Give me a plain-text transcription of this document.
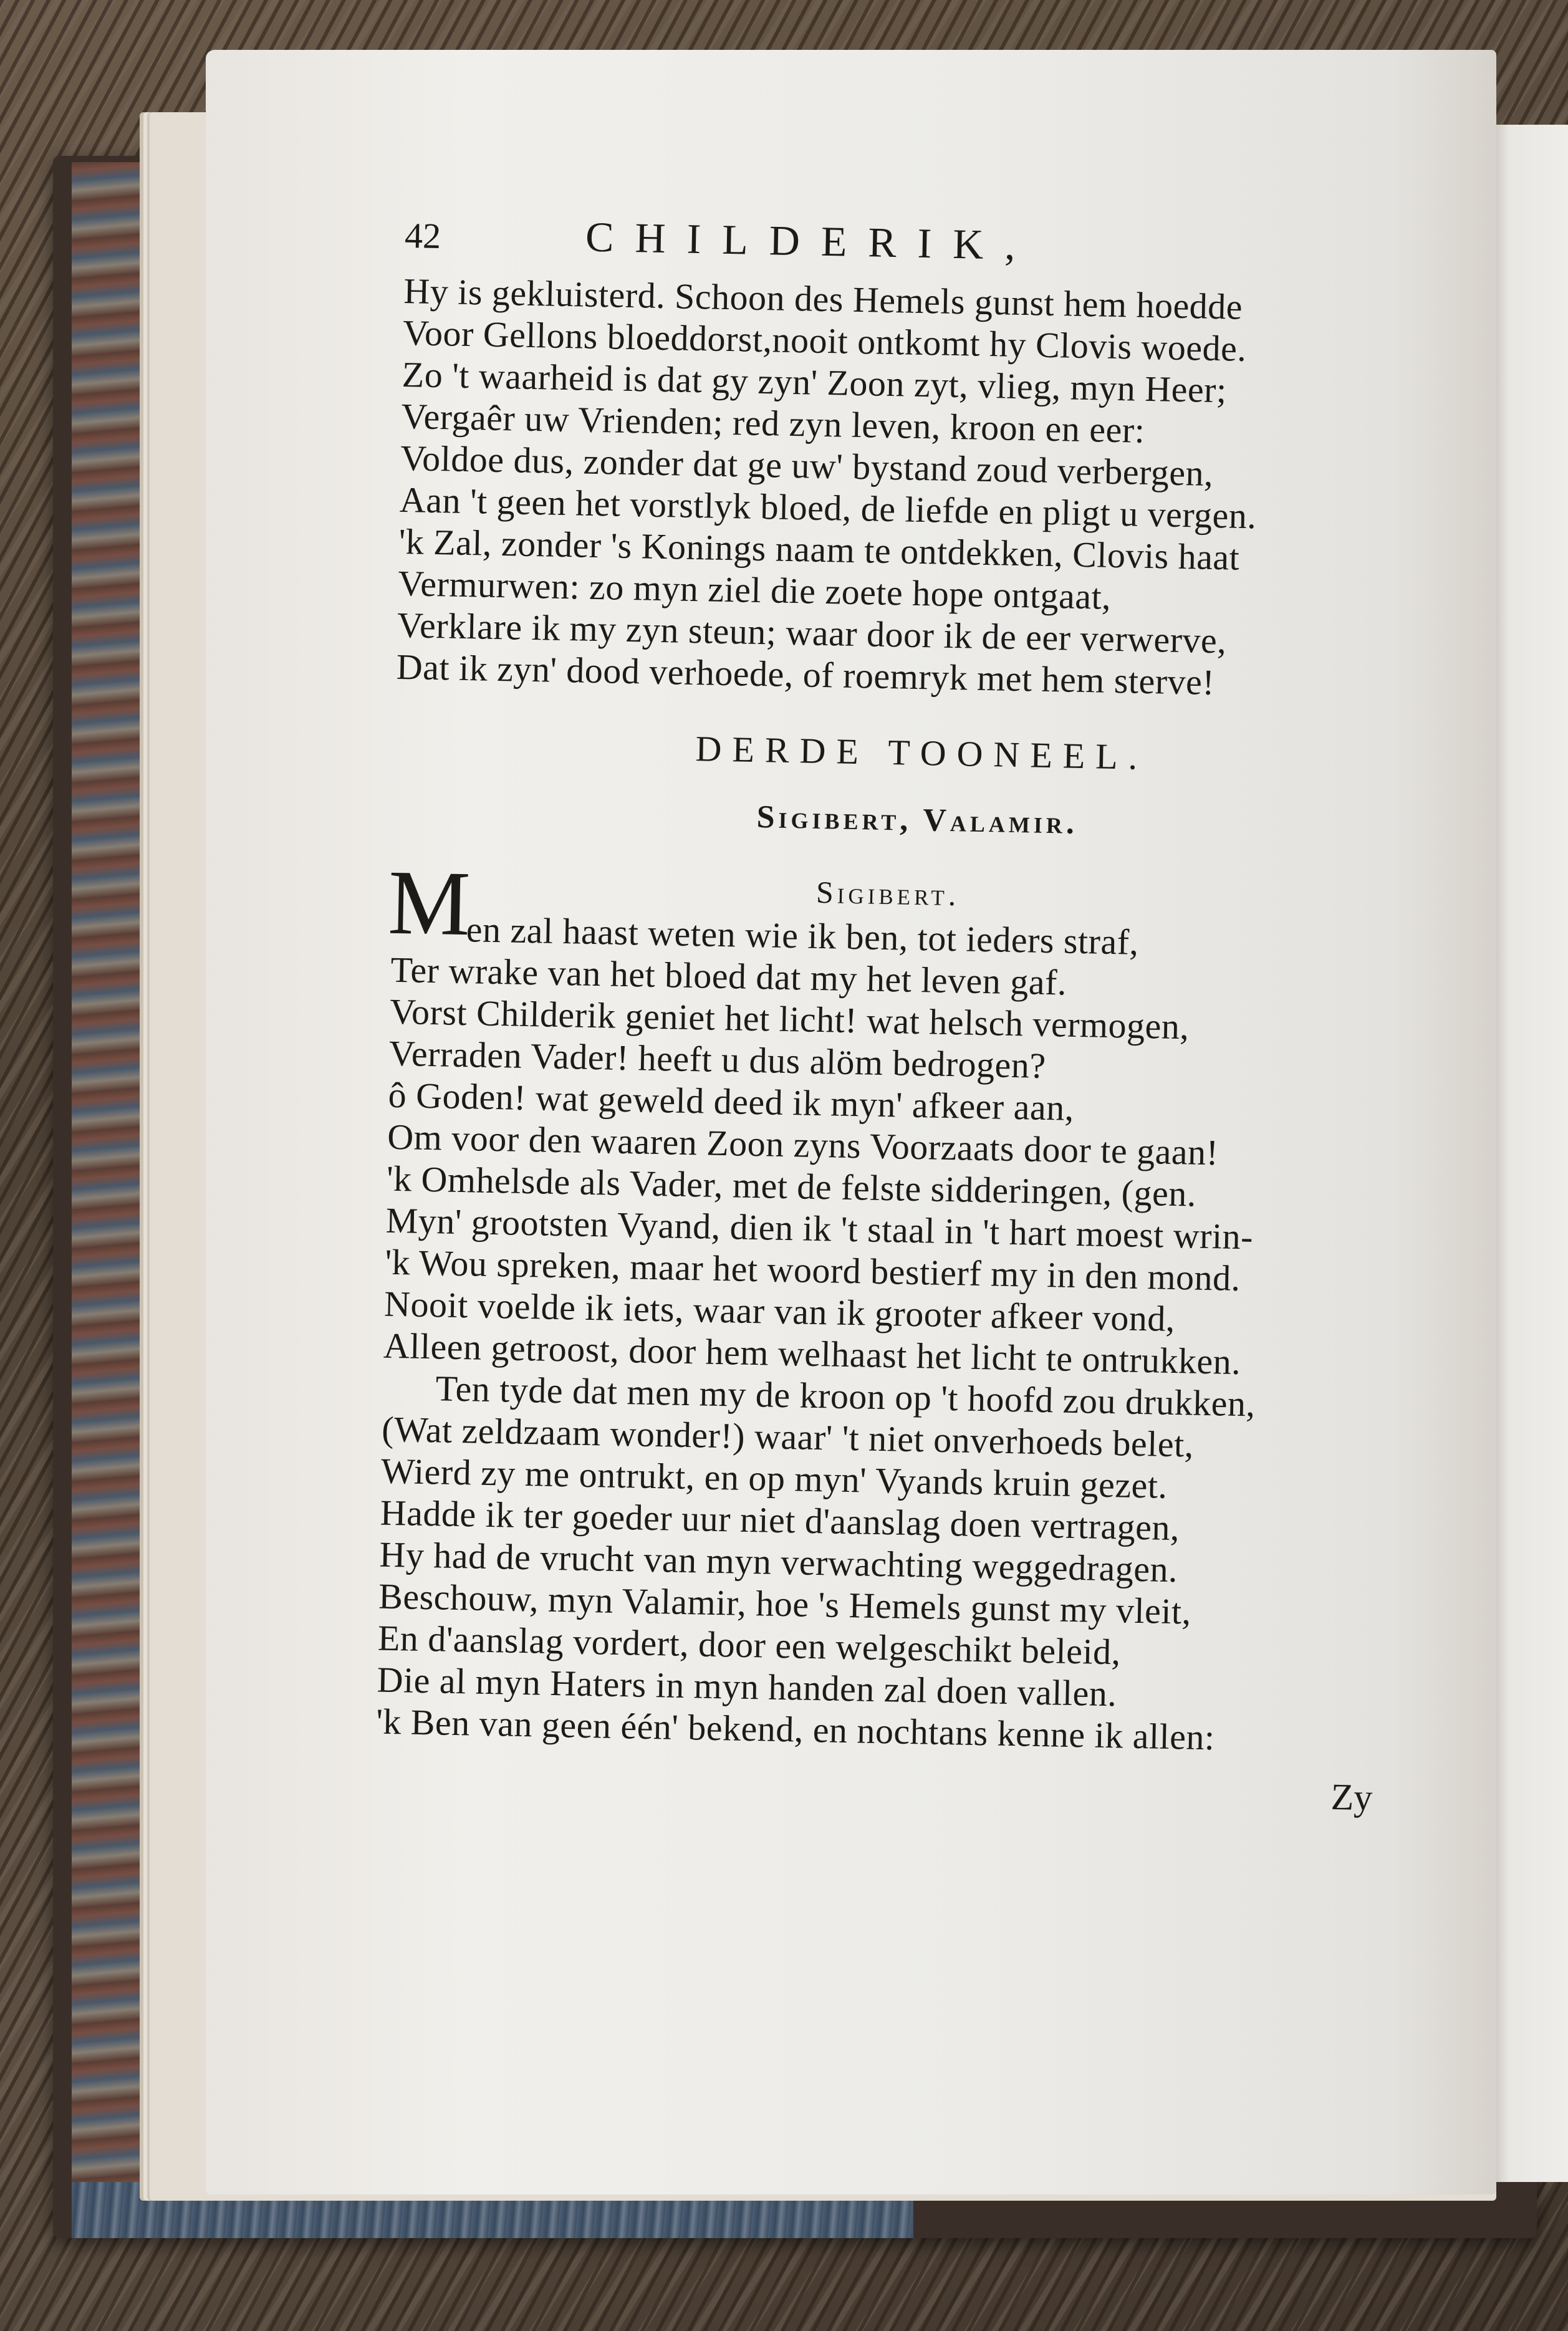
42	CHILDERIK,
Hy is gekluisterd. Schoon des Hemels gunst hem hoedde
Voor Gellons bloeddorst,nooit ontkomt hy Clovis woede.
Zo 't waarheid is dat gy zyn' Zoon zyt, vlieg, myn Heer;
Vergaêr uw Vrienden; red zyn leven, kroon en eer:
Voldoe dus, zonder dat ge uw' bystand zoud verbergen,
Aan 't geen het vorstlyk bloed, de liefde en pligt u vergen.
'k Zal, zonder 's Konings naam te ontdekken, Clovis haat
Vermurwen: zo myn ziel die zoete hope ontgaat,
Verklare ik my zyn steun; waar door ik de eer verwerve,
Dat ik zyn' dood verhoede, of roemryk met hem sterve!
DERDE TOONEEL.
Sigibert, Valamir.
M	Sigibert.
en zal haast weten wie ik ben, tot ieders straf,
Ter wrake van het bloed dat my het leven gaf.
Vorst Childerik geniet het licht! wat helsch vermogen,
Verraden Vader! heeft u dus alöm bedrogen?
ô Goden! wat geweld deed ik myn' afkeer aan,
Om voor den waaren Zoon zyns Voorzaats door te gaan!
'k Omhelsde als Vader, met de felste sidderingen, (gen.
Myn' grootsten Vyand, dien ik 't staal in 't hart moest wrin-
'k Wou spreken, maar het woord bestierf my in den mond.
Nooit voelde ik iets, waar van ik grooter afkeer vond,
Alleen getroost, door hem welhaast het licht te ontrukken.
Ten tyde dat men my de kroon op 't hoofd zou drukken,
(Wat zeldzaam wonder!) waar' 't niet onverhoeds belet,
Wierd zy me ontrukt, en op myn' Vyands kruin gezet.
Hadde ik ter goeder uur niet d'aanslag doen vertragen,
Hy had de vrucht van myn verwachting weggedragen.
Beschouw, myn Valamir, hoe 's Hemels gunst my vleit,
En d'aanslag vordert, door een welgeschikt beleid,
Die al myn Haters in myn handen zal doen vallen.
'k Ben van geen één' bekend, en nochtans kenne ik allen:
Zy
